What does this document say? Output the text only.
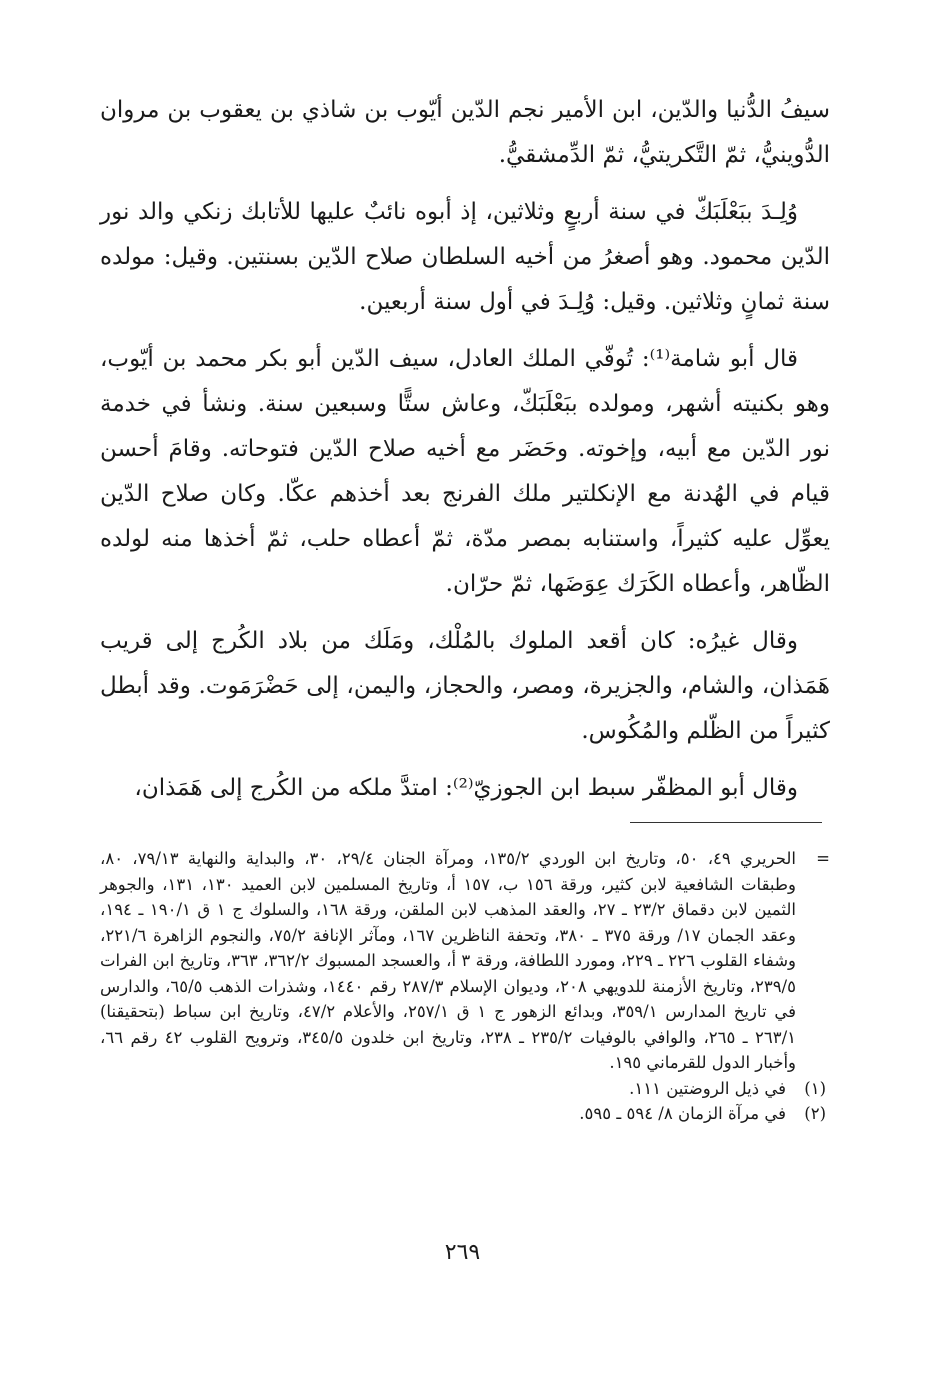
سيفُ الدُّنيا والدّين، ابن الأمير نجم الدّين أيّوب بن شاذي بن يعقوب بن مروان الدُّوينيُّ، ثمّ التَّكريتيُّ، ثمّ الدِّمشقيُّ.

وُلِـدَ ببَعْلَبَكّ في سنة أربعٍ وثلاثين، إذ أبوه نائبٌ عليها للأتابك زنكي والد نور الدّين محمود. وهو أصغرُ من أخيه السلطان صلاح الدّين بسنتين. وقيل: مولده سنة ثمانٍ وثلاثين. وقيل: وُلِـدَ في أول سنة أربعين.

قال أبو شامة⁽¹⁾: تُوفّي الملك العادل، سيف الدّين أبو بكر محمد بن أيّوب، وهو بكنيته أشهر، ومولده ببَعْلَبَكّ، وعاش ستًّا وسبعين سنة. ونشأ في خدمة نور الدّين مع أبيه، وإخوته. وحَضَر مع أخيه صلاح الدّين فتوحاته. وقامَ أحسن قيام في الهُدنة مع الإنكلتير ملك الفرنج بعد أخذهم عكّا. وكان صلاح الدّين يعوِّل عليه كثيراً، واستنابه بمصر مدّة، ثمّ أعطاه حلب، ثمّ أخذها منه لولده الظّاهر، وأعطاه الكَرَك عِوَضَها، ثمّ حرّان.

وقال غيرُه: كان أقعد الملوك بالمُلْك، ومَلَك من بلاد الكُرج إلى قريب هَمَذان، والشام، والجزيرة، ومصر، والحجاز، واليمن، إلى حَضْرَمَوت. وقد أبطل كثيراً من الظّلم والمُكُوس.

وقال أبو المظفّر سبط ابن الجوزيّ⁽²⁾: امتدَّ ملكه من الكُرج إلى هَمَذان،

=
الحريري ٤٩، ٥٠، وتاريخ ابن الوردي ١٣٥/٢، ومرآة الجنان ٢٩/٤، ٣٠، والبداية والنهاية ٧٩/١٣، ٨٠، وطبقات الشافعية لابن كثير، ورقة ١٥٦ ب، ١٥٧ أ، وتاريخ المسلمين لابن العميد ١٣٠، ١٣١، والجوهر الثمين لابن دقماق ٢٣/٢ ـ ٢٧، والعقد المذهب لابن الملقن، ورقة ١٦٨، والسلوك ج ١ ق ١٩٠/١ ـ ١٩٤، وعقد الجمان ١٧/ ورقة ٣٧٥ ـ ٣٨٠، وتحفة الناظرين ١٦٧، ومآثر الإنافة ٧٥/٢، والنجوم الزاهرة ٢٢١/٦، وشفاء القلوب ٢٢٦ ـ ٢٢٩، ومورد اللطافة، ورقة ٣ أ، والعسجد المسبوك ٣٦٢/٢، ٣٦٣، وتاريخ ابن الفرات ٢٣٩/٥، وتاريخ الأزمنة للدويهي ٢٠٨، وديوان الإسلام ٢٨٧/٣ رقم ١٤٤٠، وشذرات الذهب ٦٥/٥، والدارس في تاريخ المدارس ٣٥٩/١، وبدائع الزهور ج ١ ق ٢٥٧/١، والأعلام ٤٧/٢، وتاريخ ابن سباط (بتحقيقنا) ٢٦٣/١ ـ ٢٦٥، والوافي بالوفيات ٢٣٥/٢ ـ ٢٣٨، وتاريخ ابن خلدون ٣٤٥/٥، وترويح القلوب ٤٢ رقم ٦٦، وأخبار الدول للقرماني ١٩٥.
(١)
في ذيل الروضتين ١١١.
(٢)
في مرآة الزمان ٨/ ٥٩٤ ـ ٥٩٥.
٢٦٩
